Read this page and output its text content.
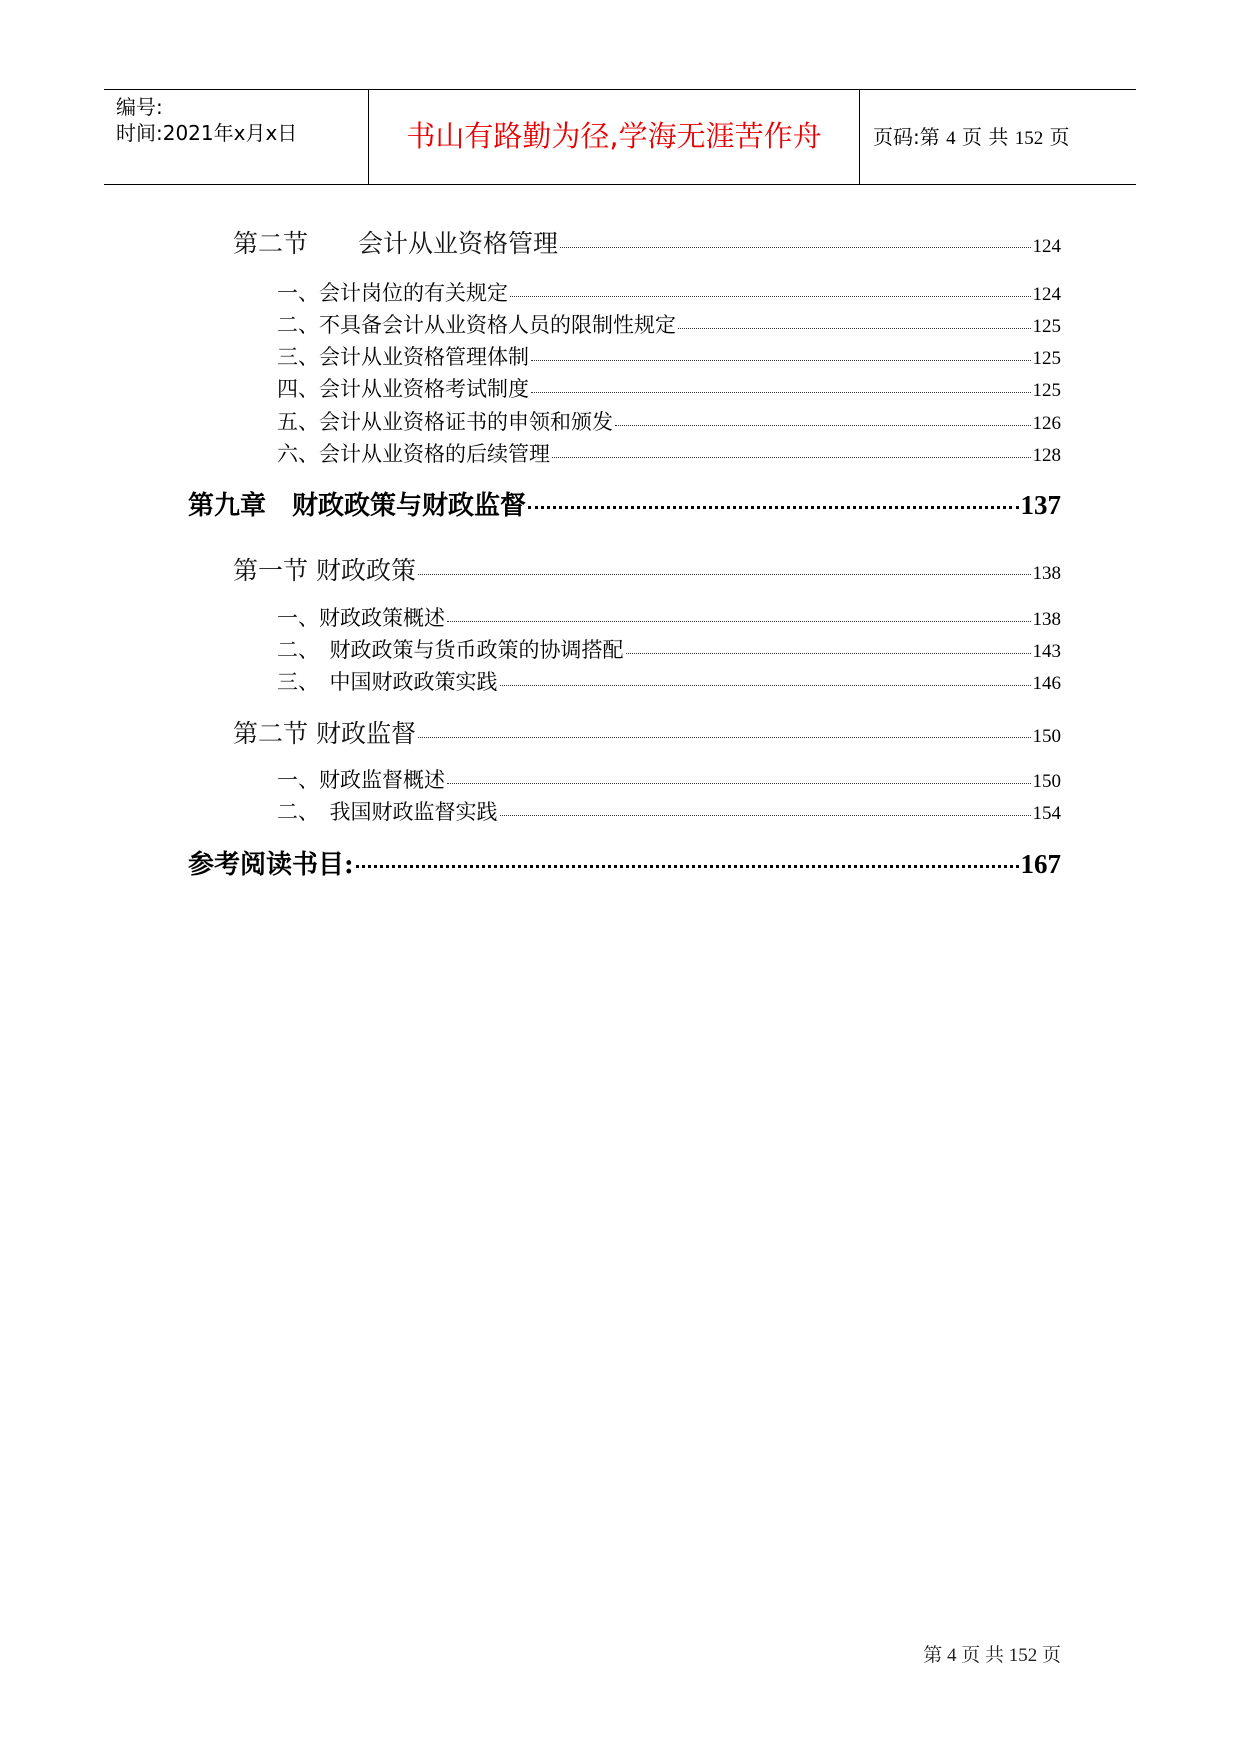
编号:
时间:2021年x月x日	书山有路勤为径,学海无涯苦作舟	页码:第 4 页 共 152 页
第二节　　会计从业资格管理	124
一、会计岗位的有关规定	124
二、不具备会计从业资格人员的限制性规定	125
三、会计从业资格管理体制	125
四、会计从业资格考试制度	125
五、会计从业资格证书的申领和颁发	126
六、会计从业资格的后续管理	128
第九章　财政政策与财政监督	137
第一节 财政政策	138
一、财政政策概述	138
二、　财政政策与货币政策的协调搭配	143
三、　中国财政政策实践	146
第二节 财政监督	150
一、财政监督概述	150
二、　我国财政监督实践	154
参考阅读书目:	167
第 4 页 共 152 页
